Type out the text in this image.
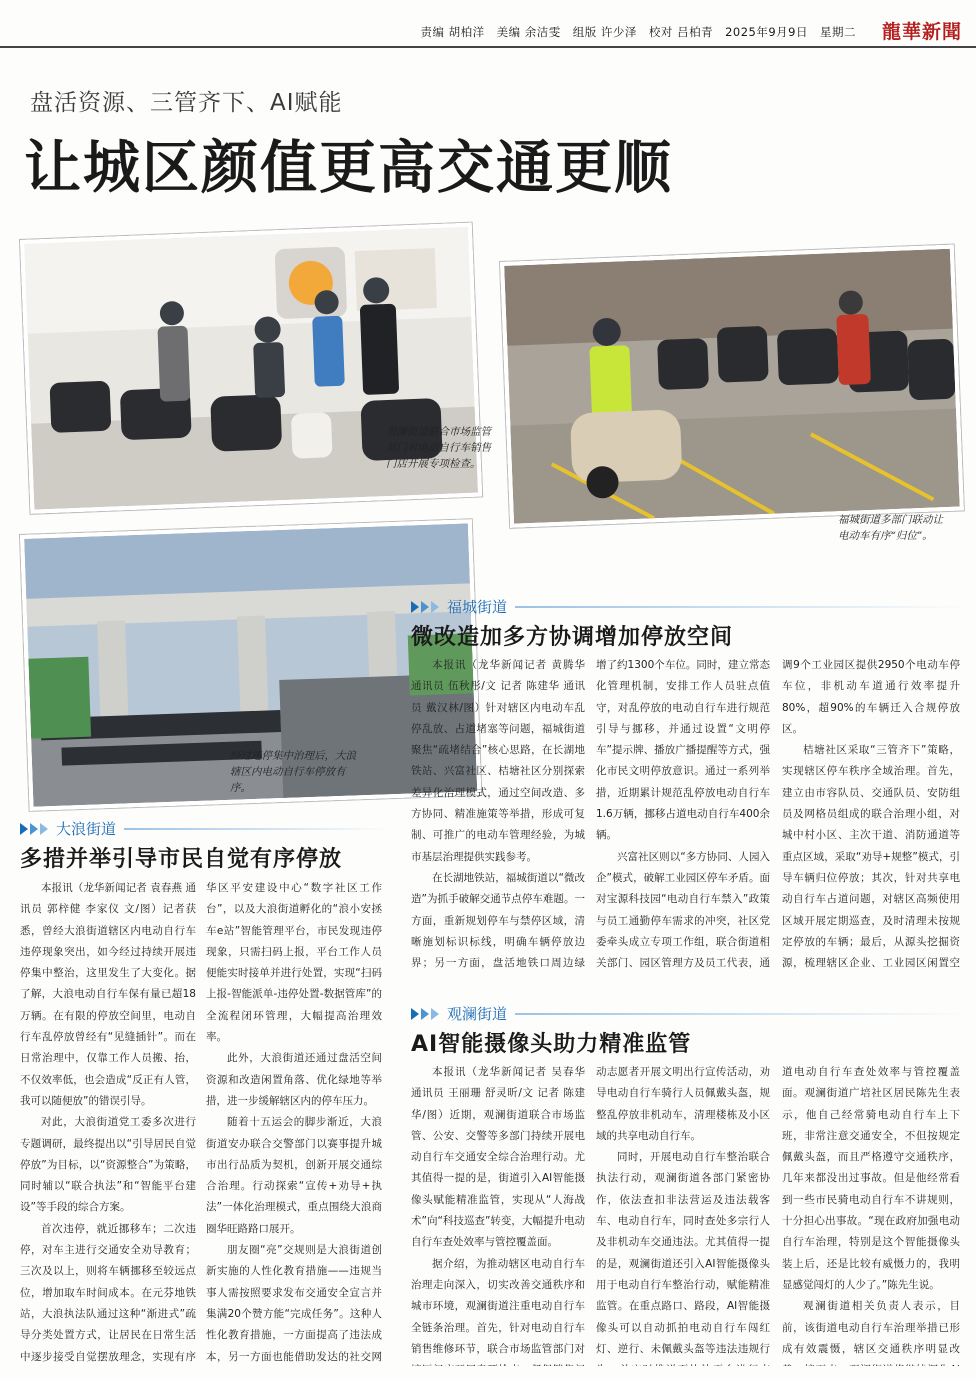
责编 胡柏洋　美编 余洁雯　组版 许少泽　校对 吕柏青　2025年9月9日　星期二 龍華新聞
盘活资源、三管齐下、AI赋能
让城区颜值更高交通更顺
观澜街道联合市场监管部门对电动自行车销售门店开展专项检查。
福城街道多部门联动让电动车有序“归位”。
经过违停集中治理后，大浪辖区内电动自行车停放有序。
福城街道
微改造加多方协调增加停放空间

本报讯（龙华新闻记者 黄腾华 通讯员 伍秋彤/文 记者 陈建华 通讯员 戴汉林/图）针对辖区内电动车乱停乱放、占道堵塞等问题，福城街道聚焦“疏堵结合”核心思路，在长湖地铁站、兴富社区、桔塘社区分别探索差异化治理模式，通过空间改造、多方协同、精准施策等举措，形成可复制、可推广的电动车管理经验，为城市基层治理提供实践参考。

在长湖地铁站，福城街道以“微改造”为抓手破解交通节点停车难题。一方面，重新规划停车与禁停区域，清晰施划标识标线，明确车辆停放边界；另一方面，盘活地铁口周边绿

增了约1300个车位。同时，建立常态化管理机制，安排工作人员驻点值守，对乱停放的电动自行车进行规范引导与挪移，并通过设置“文明停车”提示牌、播放广播提醒等方式，强化市民文明停放意识。通过一系列举措，近期累计规范乱停放电动自行车1.6万辆，挪移占道电动自行车400余辆。

兴富社区则以“多方协同、人园入企”模式，破解工业园区停车矛盾。面对宝源科技园“电动自行车禁入”政策与员工通勤停车需求的冲突，社区党委牵头成立专项工作组，联合街道相关部门、园区管理方及员工代表，通

调9个工业园区提供2950个电动车停车位，非机动车道通行效率提升80%，超90%的车辆迁入合规停放区。

桔塘社区采取“三管齐下”策略，实现辖区停车秩序全域治理。首先，建立由市容队员、交通队员、安防组员及网格员组成的联合治理小组，对城中村小区、主次干道、消防通道等重点区域，采取“劝导+规整”模式，引导车辆归位停放；其次，针对共享电动自行车占道问题，对辖区高频使用区域开展定期巡查，及时清理未按规定停放的车辆；最后，从源头挖掘资源，梳理辖区企业、工业园区闲置空

大浪街道
多措并举引导市民自觉有序停放

本报讯（龙华新闻记者 袁春燕 通讯员 郭梓健 李家仪 文/图）记者获悉，曾经大浪街道辖区内电动自行车违停现象突出，如今经过持续开展违停集中整治，这里发生了大变化。据了解，大浪电动自行车保有量已超18万辆。在有限的停放空间里，电动自行车乱停放曾经有“见缝插针”。而在日常治理中，仅靠工作人员搬、抬，不仅效率低，也会造成“反正有人管，我可以随便放”的错误引导。

对此，大浪街道党工委多次进行专题调研，最终提出以“引导居民自觉停放”为目标，以“资源整合”为策略，同时辅以“联合执法”和“智能平台建设”等手段的综合方案。

首次违停，就近挪移车；二次违停，对车主进行交通安全劝导教育；三次及以上，则将车辆挪移至较远点位，增加取车时间成本。在元芬地铁站，大浪执法队通过这种“渐进式”疏导分类处置方式，让居民在日常生活中逐步接受自觉摆放理念，实现有序

华区平安建设中心“数字社区工作台”，以及大浪街道孵化的“浪小安拯车e站”智能管理平台，市民发现违停现象，只需扫码上报，平台工作人员便能实时接单并进行处置，实现“扫码上报-智能派单-违停处置-数据管库”的全流程闭环管理，大幅提高治理效率。

此外，大浪街道还通过盘活空间资源和改造闲置角落、优化绿地等举措，进一步缓解辖区内的停车压力。

随着十五运会的脚步渐近，大浪街道安办联合交警部门以赛事提升城市出行品质为契机，创新开展交通综合治理。行动探索“宣传+劝导+执法”一体化治理模式，重点围绕大浪商圈华旺路路口展开。

朋友圈“亮”交规则是大浪街道创新实施的人性化教育措施——违规当事人需按照要求发布交通安全宣言并集满20个赞方能“完成任务”。这种人性化教育措施，一方面提高了违法成本，另一方面也能借助发达的社交网

观澜街道
AI智能摄像头助力精准监管

本报讯（龙华新闻记者 吴春华 通讯员 王丽珊 舒灵昕/文 记者 陈建华/图）近期，观澜街道联合市场监管、公安、交警等多部门持续开展电动自行车交通安全综合治理行动。尤其值得一提的是，街道引入AI智能摄像头赋能精准监管，实现从“人海战术”向“科技巡查”转变，大幅提升电动自行车查处效率与管控覆盖面。

据介绍，为推动辖区电动自行车治理走向深入，切实改善交通秩序和城市环境，观澜街道注重电动自行车全链条治理。首先，针对电动自行车销售维修环节，联合市场监管部门对

动志愿者开展文明出行宣传活动，劝导电动自行车骑行人员佩戴头盔，规整乱停放非机动车，清理楼栋及小区域的共享电动自行车。

同时，开展电动自行车整治联合执法行动，观澜街道各部门紧密协作，依法查扣非法营运及违法载客车、电动自行车，同时查处多宗行人及非机动车交通违法。尤其值得一提的是，观澜街道还引入AI智能摄像头用于电动自行车整治行动，赋能精准监管。在重点路口、路段，AI智能摄像头可以自动抓拍电动自行车闯红灯、逆行、未佩戴头盔等违法违规行

道电动自行车查处效率与管控覆盖面。观澜街道广培社区居民陈先生表示，他自己经常骑电动自行车上下班，非常注意交通安全，不但按规定佩戴头盔，而且严格遵守交通秩序，几年来都没出过事故。但是他经常看到一些市民骑电动自行车不讲规则，十分担心出事故。“现在政府加强电动自行车治理，特别是这个智能摄像头装上后，还是比较有威慑力的，我明显感觉闯灯的人少了。”陈先生说。

观澜街道相关负责人表示，目前，该街道电动自行车治理举措已形成有效震慑，辖区交通秩序明显改
